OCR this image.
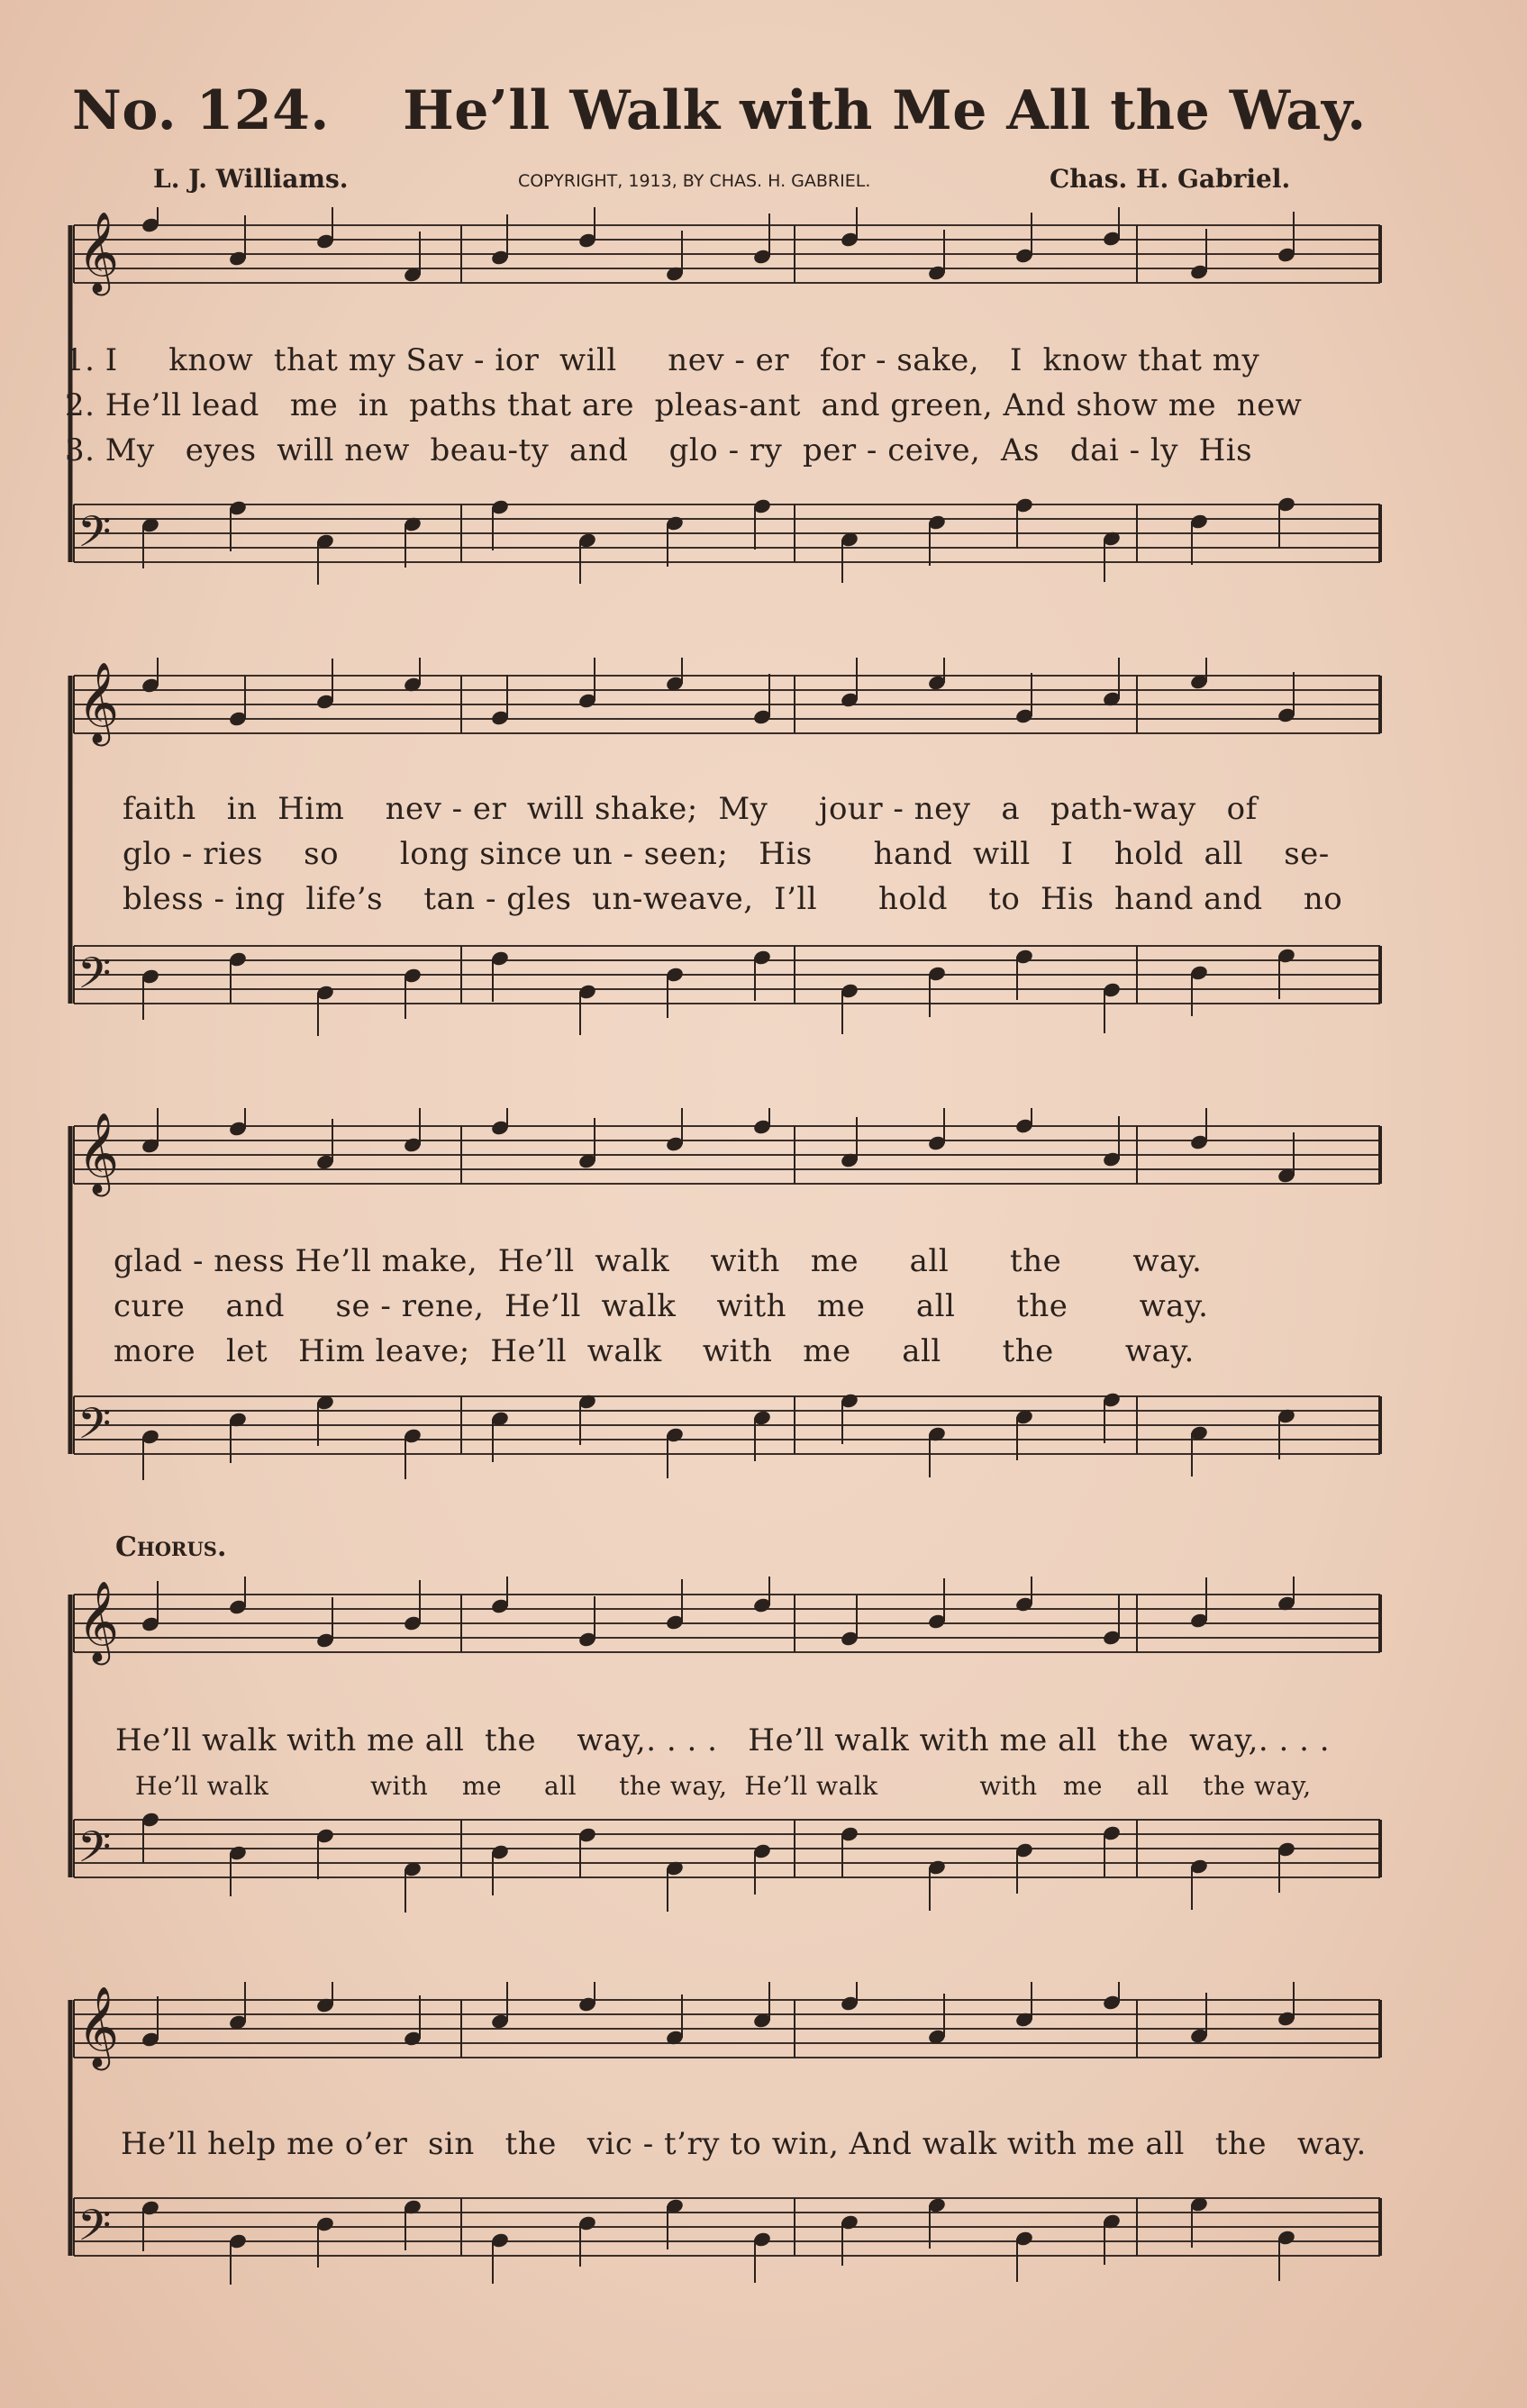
No. 124. He’ll Walk with Me All the Way.
L. J. Williams.	COPYRIGHT, 1913, BY CHAS. H. GABRIEL.	Chas. H. Gabriel.
𝄞
𝄢
1. I     know  that my Sav - ior  will     nev - er   for - sake,   I  know that my
2. He’ll lead   me  in  paths that are  pleas-ant  and green, And show me  new
3. My   eyes  will new  beau-ty  and    glo - ry  per - ceive,  As   dai - ly  His
𝄞
𝄢
faith   in  Him    nev - er  will shake;  My     jour - ney   a   path-way   of
glo - ries    so      long since un - seen;   His      hand  will   I    hold  all    se-
bless - ing  life’s    tan - gles  un-weave,  I’ll      hold    to  His  hand and    no
𝄞
𝄢
glad - ness He’ll make,  He’ll  walk    with   me     all      the       way.
cure    and     se - rene,  He’ll  walk    with   me     all      the       way.
more   let   Him leave;  He’ll  walk    with   me     all      the       way.
Chorus.
𝄞
𝄢
He’ll walk with me all  the    way,. . . .   He’ll walk with me all  the  way,. . . .
He’ll walk            with    me     all     the way,  He’ll walk            with   me    all    the way,
𝄞
𝄢
He’ll help me o’er  sin   the   vic - t’ry to win, And walk with me all   the   way.
